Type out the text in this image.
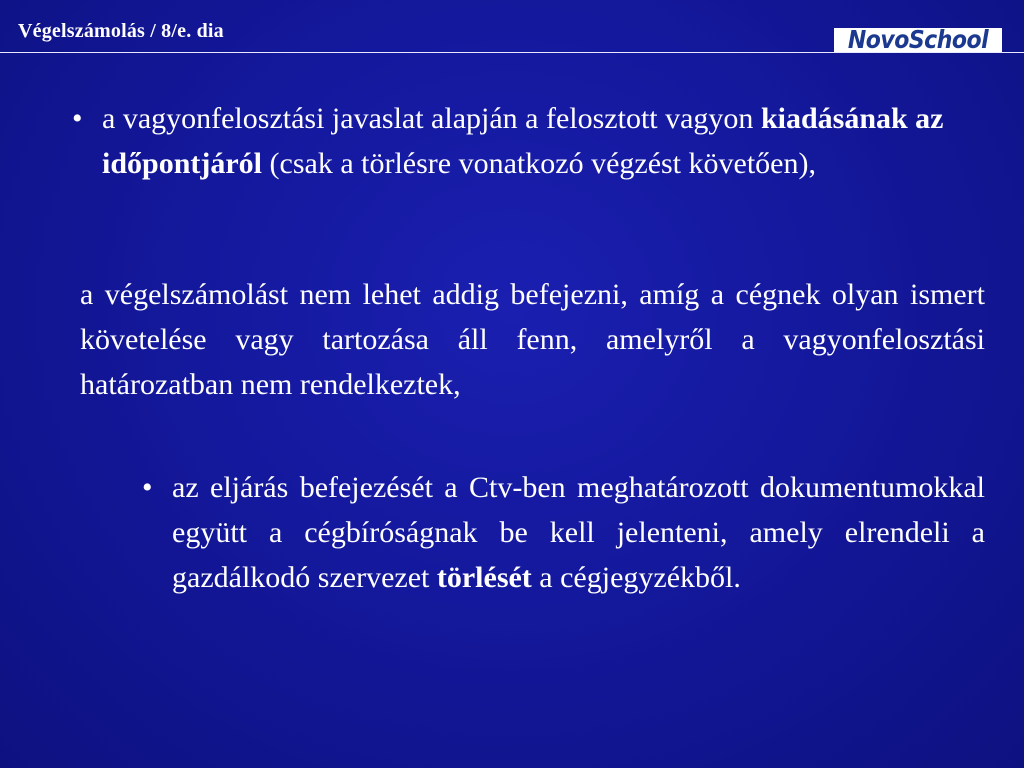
Végelszámolás / 8/e. dia	NovoSchool
• a vagyonfelosztási javaslat alapján a felosztott vagyon kiadásának az időpontjáról (csak a törlésre vonatkozó végzést követően),
a végelszámolást nem lehet addig befejezni, amíg a cégnek olyan ismert követelése vagy tartozása áll fenn, amelyről a vagyonfelosztási határozatban nem rendelkeztek,
• az eljárás befejezését a Ctv-ben meghatározott dokumentumokkal együtt a cégbíróságnak be kell jelenteni, amely elrendeli a gazdálkodó szervezet törlését a cégjegyzékből.
